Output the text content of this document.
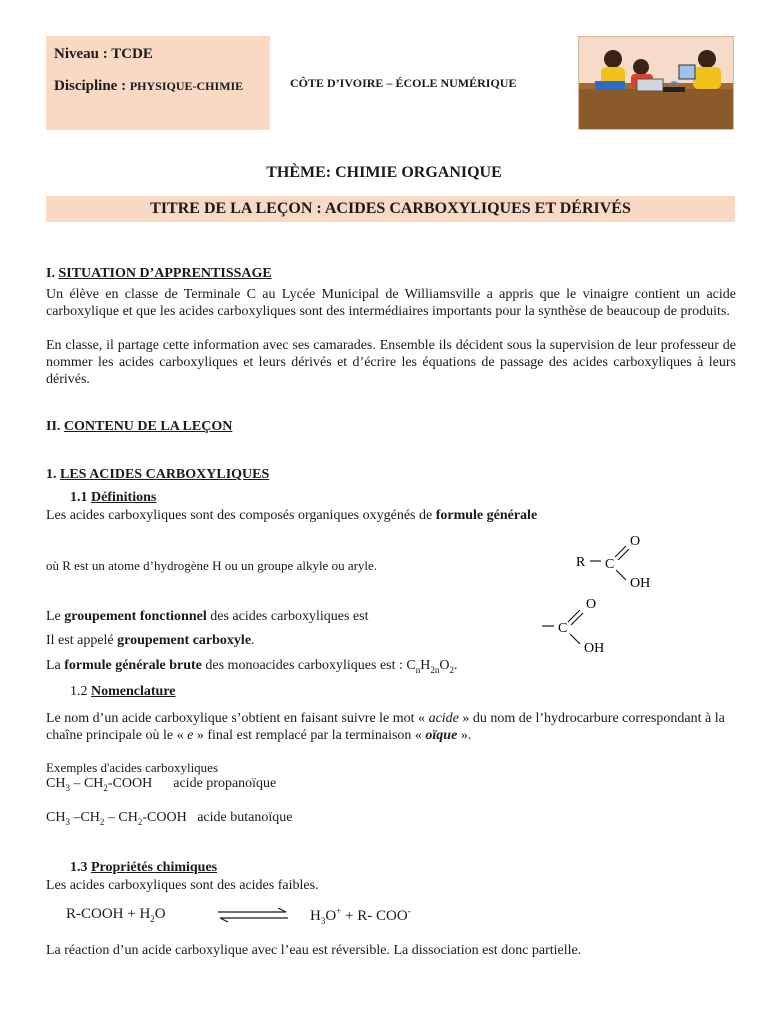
Niveau : TCDE
Discipline : PHYSIQUE-CHIMIE	CÔTE D’IVOIRE – ÉCOLE NUMÉRIQUE
THÈME: CHIMIE ORGANIQUE
TITRE DE LA LEÇON : ACIDES CARBOXYLIQUES ET DÉRIVÉS
I. SITUATION D’APPRENTISSAGE
Un élève en classe de Terminale C au Lycée Municipal de Williamsville a appris que le vinaigre contient un acide carboxylique et que les acides carboxyliques sont des intermédiaires importants pour la synthèse de beaucoup de produits.
En classe, il partage cette information avec ses camarades. Ensemble ils décident sous la supervision de leur professeur de nommer les acides carboxyliques et leurs dérivés et d’écrire les équations de passage des acides carboxyliques à leurs dérivés.
II. CONTENU DE LA LEÇON
1. LES ACIDES CARBOXYLIQUES
1.1 Définitions
Les acides carboxyliques sont des composés organiques oxygénés de formule générale
R C
O
OH
où R est un atome d’hydrogène H ou un groupe alkyle ou aryle.
C
O
OH
Le groupement fonctionnel des acides carboxyliques est
Il est appelé groupement carboxyle.
La formule générale brute des monoacides carboxyliques est : $C_nH_{2n}O_2$.
1.2 Nomenclature
Le nom d’un acide carboxylique s’obtient en faisant suivre le mot « acide » du nom de l’hydrocarbure correspondant à la chaîne principale où le « e » final est remplacé par la terminaison « oïque ».
Exemples d'acides carboxyliques
$CH_3$ – $CH_2$-COOH      acide propanoïque
$CH_3$ $-CH_2$ – $CH_2$-COOH   acide butanoïque
1.3 Propriétés chimiques
Les acides carboxyliques sont des acides faibles.
R-COOH + $H_2O$	$H_3O^+ + R-$ COO-
La réaction d’un acide carboxylique avec l’eau est réversible. La dissociation est donc partielle.
